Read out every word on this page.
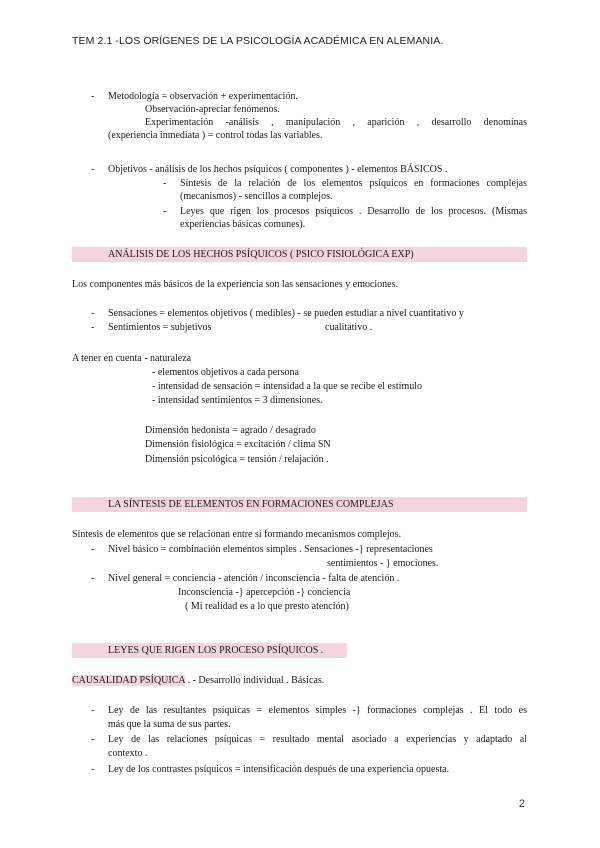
TEM 2.1 -LOS ORÍGENES DE LA PSICOLOGÍA ACADÉMICA EN ALEMANIA.
- Metodología = observación + experimentación.
Observación-apreciar fenómenos.
Experimentación -análisis , manipulación , aparición , desarrollo denominas
(experiencia inmediata ) = control todas las variables.
- Objetivos - análisis de los hechos psíquicos ( componentes ) - elementos BÁSICOS .
- Síntesis de la relación de los elementos psíquicos en formaciones complejas
(mecanismos) - sencillos a complejos.
- Leyes que rigen los procesos psíquicos . Desarrollo de los procesos. (Mismas
experiencias básicas comunes).
ANÁLISIS DE LOS HECHOS PSÍQUICOS ( PSICO FISIOLÓGICA EXP)
Los componentes más básicos de la experiencia son las sensaciones y emociones.
- Sensaciones = elementos objetivos ( medibles) - se pueden estudiar a nivel cuantitativo y
- Sentimientos = subjetivos	cualitativo .
A tener en cuenta - naturaleza
- elementos objetivos a cada persona
- intensidad de sensación = intensidad a la que se recibe el estímulo
- intensidad sentimientos = 3 dimensiones.
Dimensión hedonista = agrado / desagrado
Dimensión fisiológica = excitación / clima SN
Dimensión psicológica = tensión / relajación .
LA SÍNTESIS DE ELEMENTOS EN FORMACIONES COMPLEJAS
Síntesis de elementos que se relacionan entre sí formando mecanismos complejos.
- Nivel básico = combinación elementos simples . Sensaciones -} representaciones
sentimientos - } emociones.
- Nivel general = conciencia - atención / inconsciencia - falta de atención .
Inconsciencia -} apercepción -} conciencia
( Mi realidad es a lo que presto atención)
LEYES QUE RIGEN LOS PROCESO PSÍQUICOS .
CAUSALIDAD PSÍQUICA . - Desarrollo individual . Básicas.
- Ley de las resultantes psíquicas = elementos simples -} formaciones complejas . El todo es
más que la suma de sus partes.
- Ley de las relaciones psíquicas = resultado mental asociado a experiencias y adaptado al
contexto .
- Ley de los contrastes psíquicos = intensificación después de una experiencia opuesta.
2
